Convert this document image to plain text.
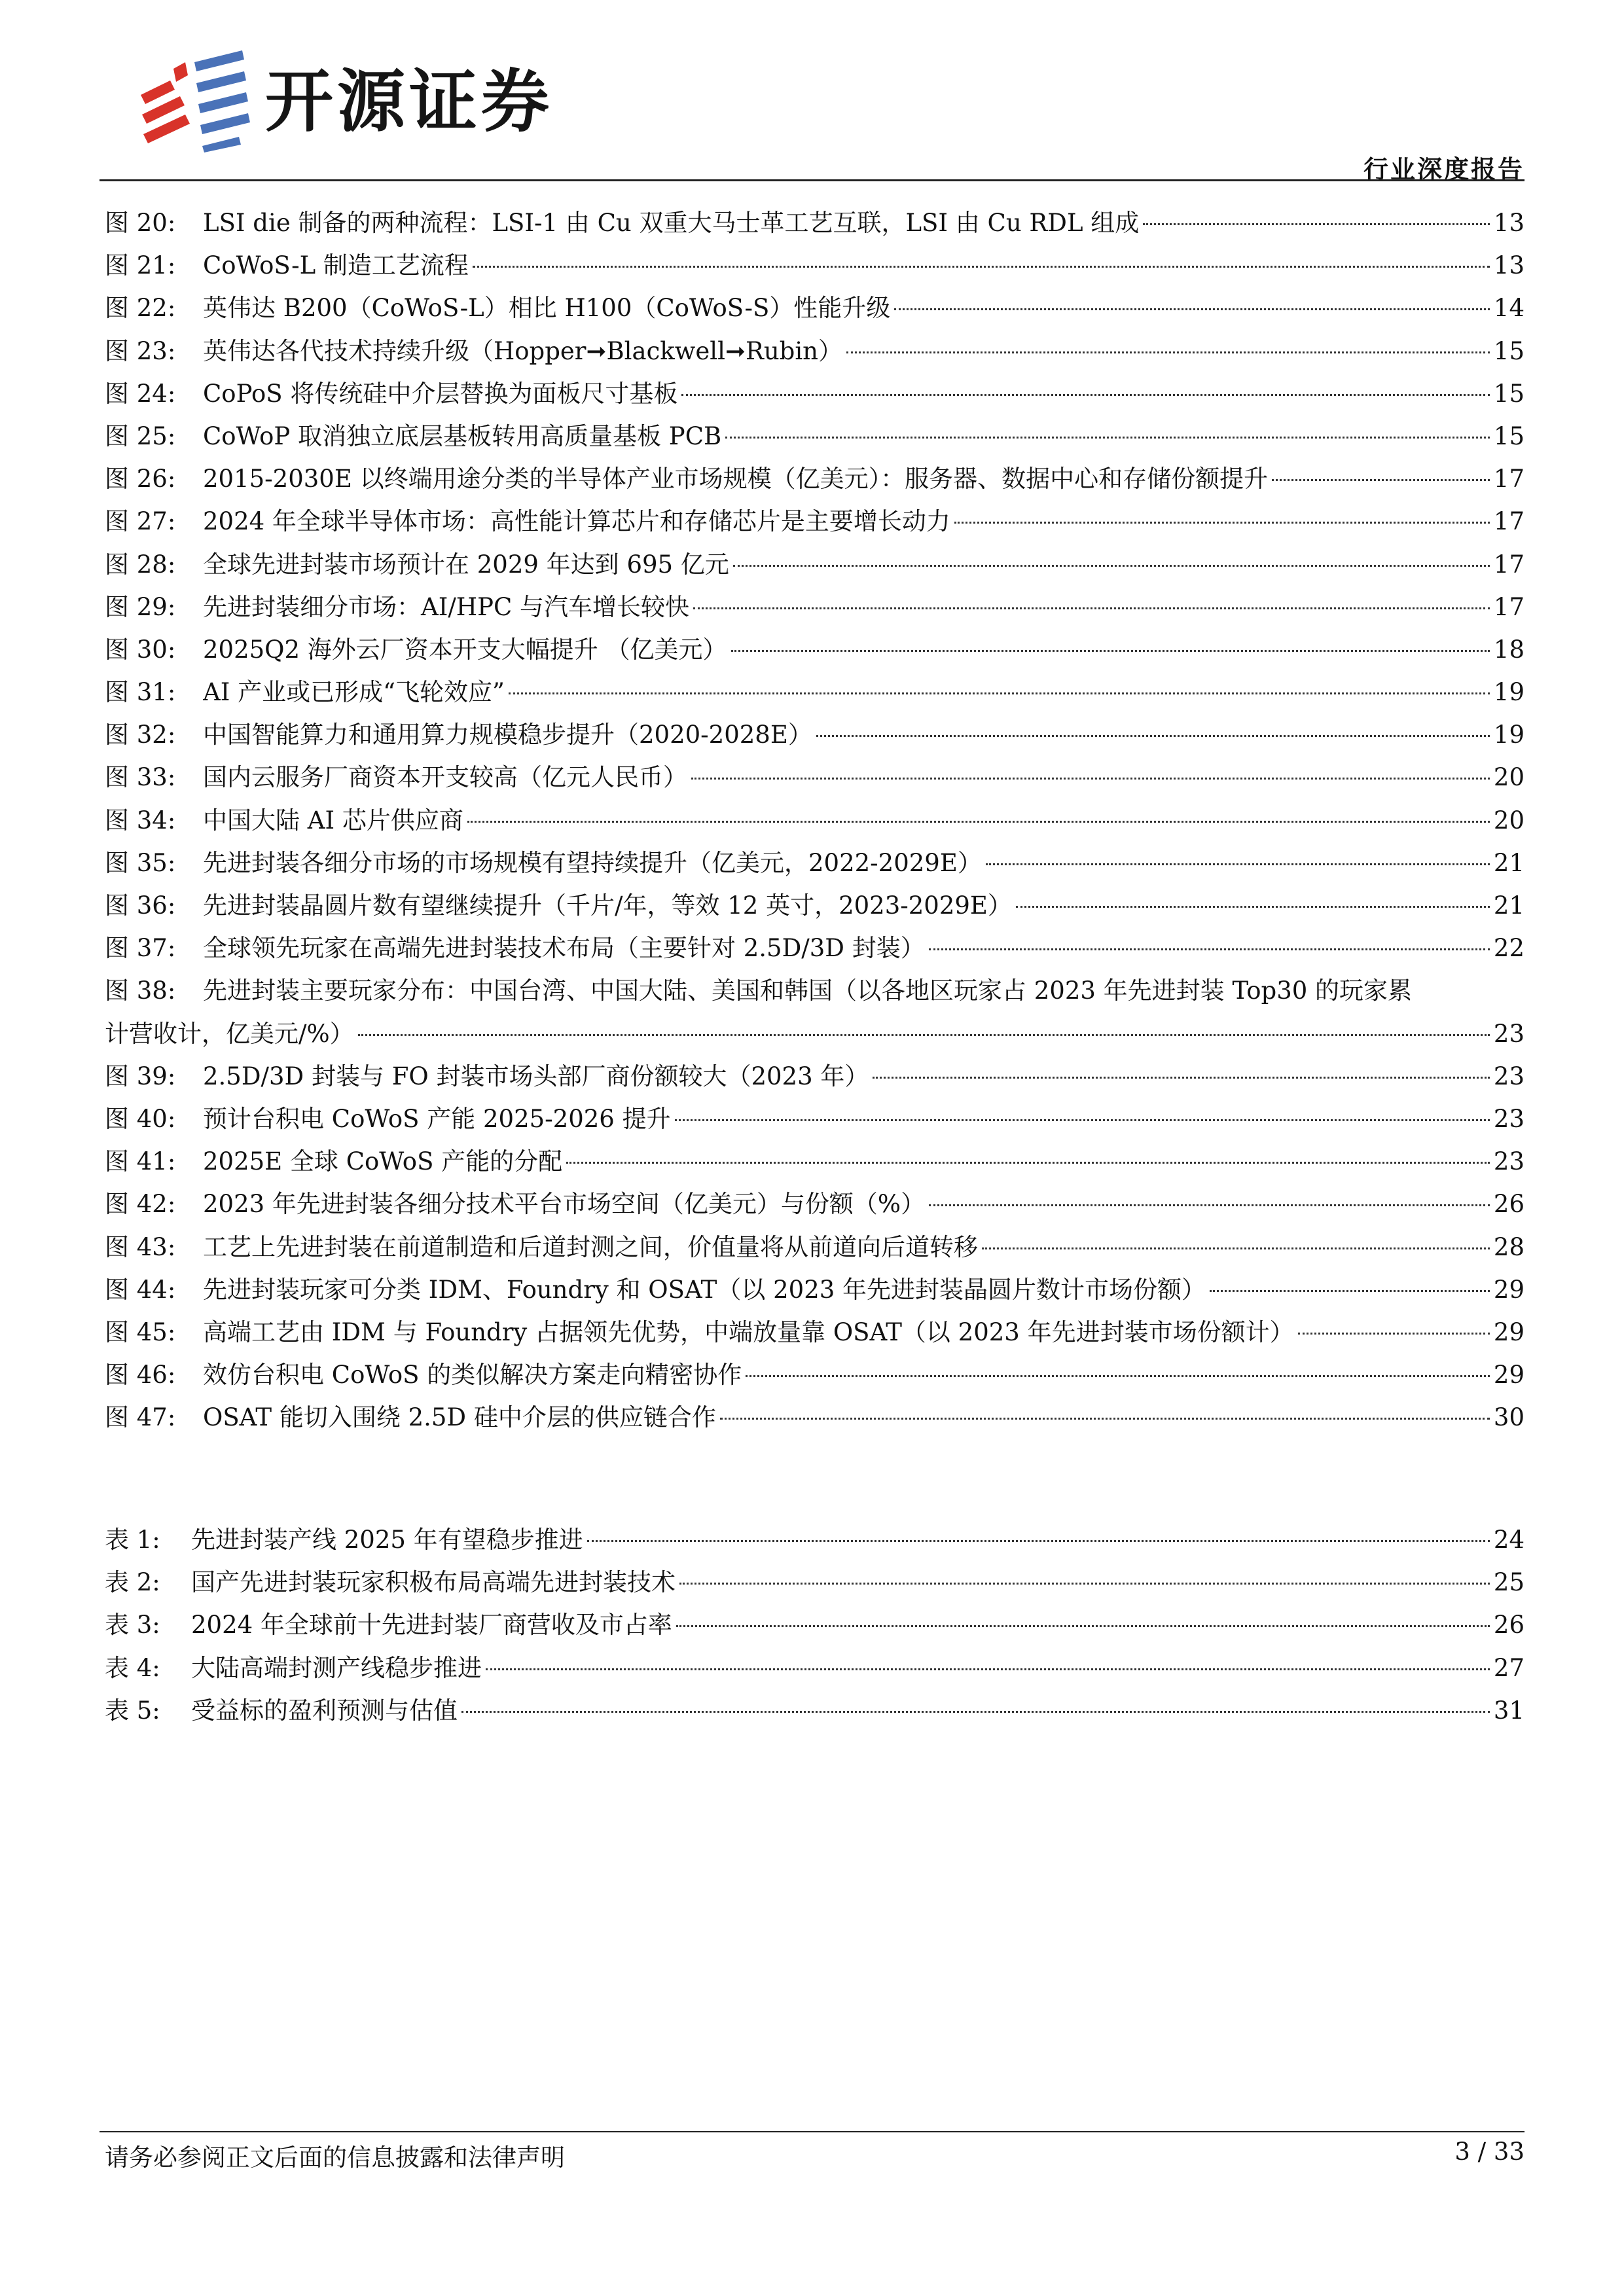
开源证券
行业深度报告
图 20:	LSI die 制备的两种流程：LSI-1 由 Cu 双重大马士革工艺互联，LSI 由 Cu RDL 组成	13
图 21:	CoWoS-L 制造工艺流程	13
图 22:	英伟达 B200（CoWoS-L）相比 H100（CoWoS-S）性能升级	14
图 23:	英伟达各代技术持续升级（Hopper➞Blackwell➞Rubin）	15
图 24:	CoPoS 将传统硅中介层替换为面板尺寸基板	15
图 25:	CoWoP 取消独立底层基板转用高质量基板 PCB	15
图 26:	2015-2030E 以终端用途分类的半导体产业市场规模（亿美元）：服务器、数据中心和存储份额提升	17
图 27:	2024 年全球半导体市场：高性能计算芯片和存储芯片是主要增长动力	17
图 28:	全球先进封装市场预计在 2029 年达到 695 亿元	17
图 29:	先进封装细分市场：AI/HPC 与汽车增长较快	17
图 30:	2025Q2 海外云厂资本开支大幅提升 （亿美元）	18
图 31:	AI 产业或已形成“飞轮效应”	19
图 32:	中国智能算力和通用算力规模稳步提升（2020-2028E）	19
图 33:	国内云服务厂商资本开支较高（亿元人民币）	20
图 34:	中国大陆 AI 芯片供应商	20
图 35:	先进封装各细分市场的市场规模有望持续提升（亿美元，2022-2029E）	21
图 36:	先进封装晶圆片数有望继续提升（千片/年，等效 12 英寸，2023-2029E）	21
图 37:	全球领先玩家在高端先进封装技术布局（主要针对 2.5D/3D 封装）	22
图 38:	先进封装主要玩家分布：中国台湾、中国大陆、美国和韩国（以各地区玩家占 2023 年先进封装 Top30 的玩家累
计营收计，亿美元/%）	23
图 39:	2.5D/3D 封装与 FO 封装市场头部厂商份额较大（2023 年）	23
图 40:	预计台积电 CoWoS 产能 2025-2026 提升	23
图 41:	2025E 全球 CoWoS 产能的分配	23
图 42:	2023 年先进封装各细分技术平台市场空间（亿美元）与份额（%）	26
图 43:	工艺上先进封装在前道制造和后道封测之间，价值量将从前道向后道转移	28
图 44:	先进封装玩家可分类 IDM、Foundry 和 OSAT（以 2023 年先进封装晶圆片数计市场份额）	29
图 45:	高端工艺由 IDM 与 Foundry 占据领先优势，中端放量靠 OSAT（以 2023 年先进封装市场份额计）	29
图 46:	效仿台积电 CoWoS 的类似解决方案走向精密协作	29
图 47:	OSAT 能切入围绕 2.5D 硅中介层的供应链合作	30
表 1:	先进封装产线 2025 年有望稳步推进	24
表 2:	国产先进封装玩家积极布局高端先进封装技术	25
表 3:	2024 年全球前十先进封装厂商营收及市占率	26
表 4:	大陆高端封测产线稳步推进	27
表 5:	受益标的盈利预测与估值	31
请务必参阅正文后面的信息披露和法律声明	3 / 33
